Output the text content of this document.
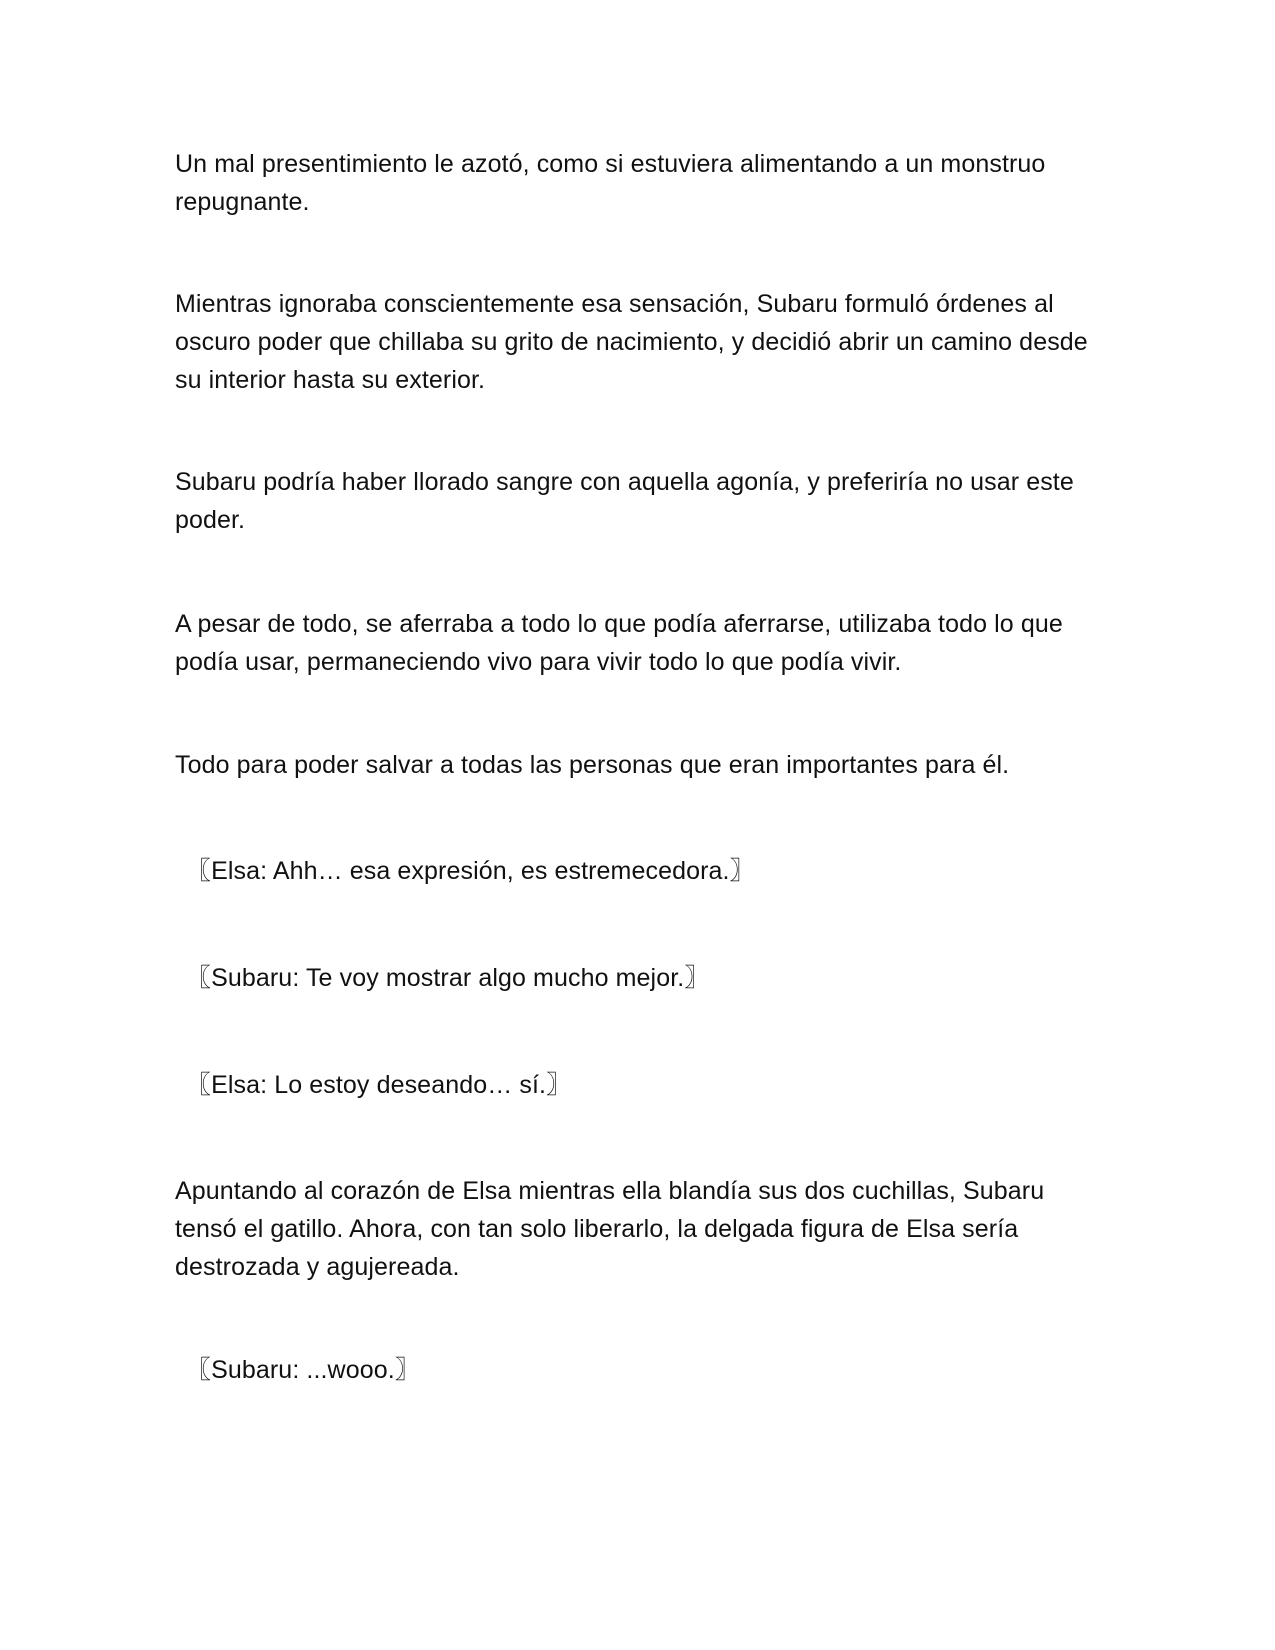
Un mal presentimiento le azotó, como si estuviera alimentando a un monstruo repugnante.

Mientras ignoraba conscientemente esa sensación, Subaru formuló órdenes al oscuro poder que chillaba su grito de nacimiento, y decidió abrir un camino desde su interior hasta su exterior.

Subaru podría haber llorado sangre con aquella agonía, y preferiría no usar este poder.

A pesar de todo, se aferraba a todo lo que podía aferrarse, utilizaba todo lo que podía usar, permaneciendo vivo para vivir todo lo que podía vivir.

Todo para poder salvar a todas las personas que eran importantes para él.

〖Elsa: Ahh… esa expresión, es estremecedora.〗

〖Subaru: Te voy mostrar algo mucho mejor.〗

〖Elsa: Lo estoy deseando… sí.〗

Apuntando al corazón de Elsa mientras ella blandía sus dos cuchillas, Subaru tensó el gatillo. Ahora, con tan solo liberarlo, la delgada figura de Elsa sería destrozada y agujereada.

〖Subaru: ...wooo.〗
